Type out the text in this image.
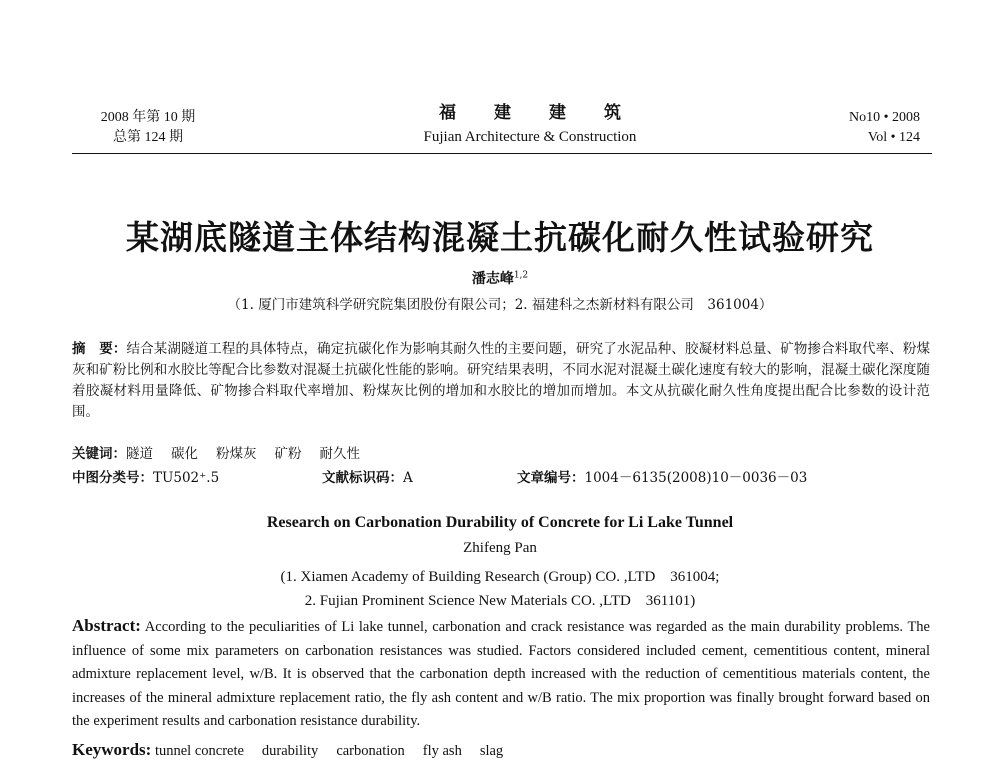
2008 年第 10 期
总第 124 期
福建建筑
Fujian Architecture & Construction
No10 • 2008
Vol • 124
某湖底隧道主体结构混凝土抗碳化耐久性试验研究
潘志峰$^{1,2}$
（1. 厦门市建筑科学研究院集团股份有限公司；2. 福建科之杰新材料有限公司　361004）
摘　要：结合某湖隧道工程的具体特点，确定抗碳化作为影响其耐久性的主要问题，研究了水泥品种、胶凝材料总量、矿物掺合料取代率、粉煤灰和矿粉比例和水胶比等配合比参数对混凝土抗碳化性能的影响。研究结果表明，不同水泥对混凝土碳化速度有较大的影响，混凝土碳化深度随着胶凝材料用量降低、矿物掺合料取代率增加、粉煤灰比例的增加和水胶比的增加而增加。本文从抗碳化耐久性角度提出配合比参数的设计范围。
关键词：隧道 碳化 粉煤灰 矿粉 耐久性
中图分类号：TU502⁺.5	文献标识码：A	文章编号：1004－6135(2008)10－0036－03
Research on Carbonation Durability of Concrete for Li Lake Tunnel
Zhifeng Pan
(1. Xiamen Academy of Building Research (Group) CO. ,LTD　361004;
2. Fujian Prominent Science New Materials CO. ,LTD　361101)
Abstract: According to the peculiarities of Li lake tunnel, carbonation and crack resistance was regarded as the main durability problems. The influence of some mix parameters on carbonation resistances was studied. Factors considered included cement, cementitious content, mineral admixture replacement level, w/B. It is observed that the carbonation depth increased with the reduction of cementitious materials content, the increases of the mineral admixture replacement ratio, the fly ash content and w/B ratio. The mix proportion was finally brought forward based on the experiment results and carbonation resistance durability.
Keywords: tunnel concrete durability carbonation fly ash slag
